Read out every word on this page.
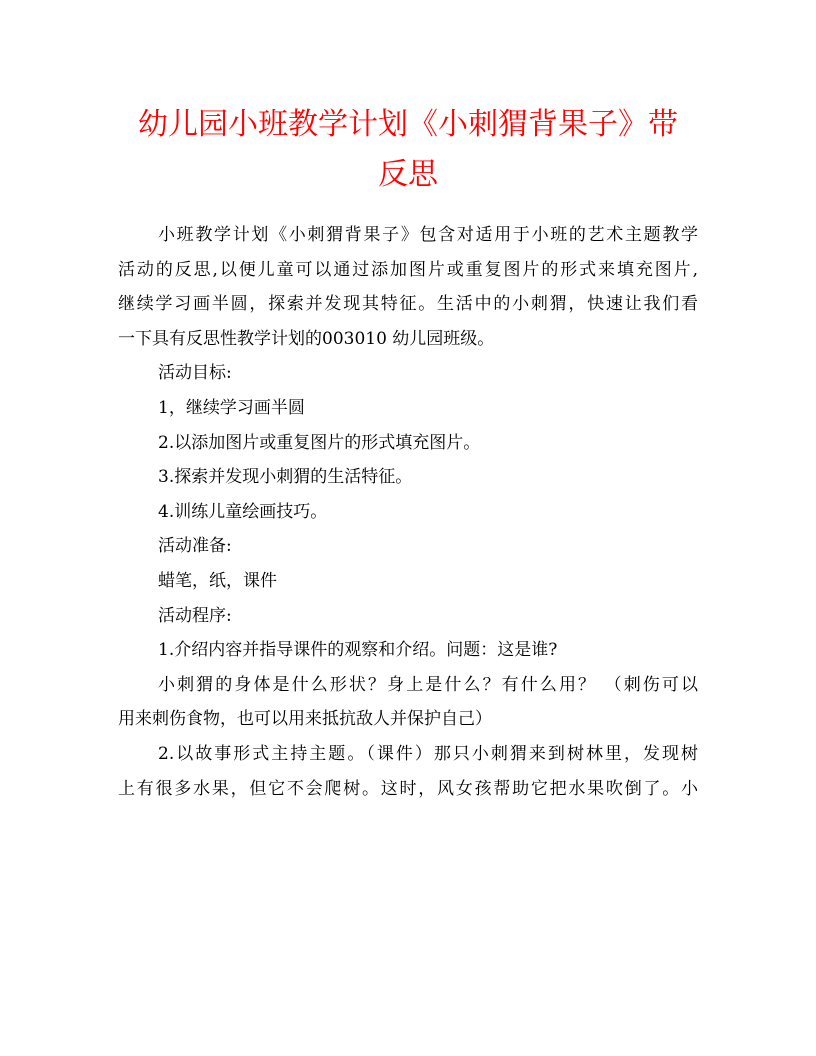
幼儿园小班教学计划《小刺猬背果子》带
反思

小班教学计划《小刺猬背果子》包含对适用于小班的艺术主题教学

活动的反思,以便儿童可以通过添加图片或重复图片的形式来填充图片,

继续学习画半圆，探索并发现其特征。生活中的小刺猬，快速让我们看

一下具有反思性教学计划的003010 幼儿园班级。

活动目标:

1，继续学习画半圆

2.以添加图片或重复图片的形式填充图片。

3.探索并发现小刺猬的生活特征。

4.训练儿童绘画技巧。

活动准备:

蜡笔，纸，课件

活动程序:

1.介绍内容并指导课件的观察和介绍。问题：这是谁?

小刺猬的身体是什么形状？身上是什么？有什么用？ （刺伤可以

用来刺伤食物，也可以用来抵抗敌人并保护自己）

2.以故事形式主持主题。（课件）那只小刺猬来到树林里，发现树

上有很多水果，但它不会爬树。这时，风女孩帮助它把水果吹倒了。小
